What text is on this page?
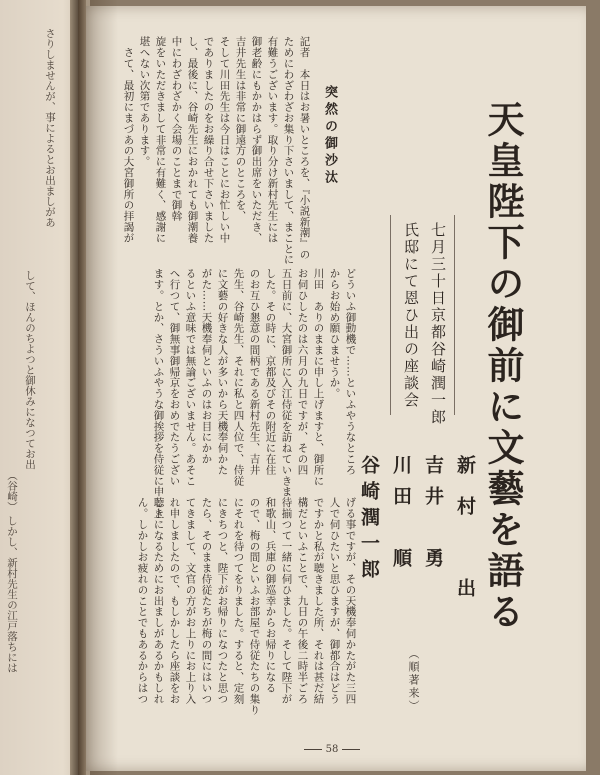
さりしませんが、事によるとお出ましがあ
して、ほんのちよつと御休みになつてお出
（谷崎） しかし、新村先生の江戸落ちには	天皇陛下の御前に文藝を語る
七月三十日京都谷崎潤一郎
氏邸にて恩ひ出の座談会
新村　出
吉井　勇
川田　順
谷崎潤一郎
（順著来）
突然の御沙汰
記者　本日はお暑いところを、『小説新潮』の
ためにわざわざお集り下さいまして、まことに
有難うございます。取り分け新村先生には
御老齢にもかかはらず御出席をいただき、
吉井先生は非常に御遠方のところを、
そして川田先生は今日はことにお忙しい中
でありましたのをお繰り合せ下さいました
し、最後に、谷崎先生におかれても御潮養
中にわざわざかく会場のことまで御斡
旋をいただきまして非常に有難く、感謝に
堪へない次第であります。
　さて、最初にまづあの大宮御所の拝謁が
どういふ御動機で……といふやうなところ
からお始め願ひませうか。
川田　ありのままに申し上げますと、御所に
お伺ひしたのは六月の九日ですが、その四
五日前に、大宮御所に入江侍従を訪ねていきま
した。その時に、京都及びその附近に在住
のお互ひ懇意の間柄である新村先生、吉井
先生、谷崎先生、それに私と四人位で、侍従
に文藝の好きな人が多いから天機奉伺かた
がた……天機奉伺といふのはお目にかか
るといふ意味では無論ございません。あそこ
へ行つて、御無事御帰京をおめでたうござい
ます。とか、さういふやうな御挨拶を侍従に申し上
げる事ですが、その天機奉伺かたがた三四
人で伺ひたいと思ひますが、御都合はどう
ですかと私が聴きました所、それは甚だ結
構だといふことで、九日の午後二時半ごろ
待揃つて一緒に伺ひました。そして陛下が
和歌山、兵庫の御巡幸からお帰りになる
ので、梅の間といふお部屋で侍従たちの集り
にそれを待つてをりました。すると、定刻
にきちつと、陛下がお帰りになつたと思つ
たら、そのまま侍従たちが梅の間にはいつ
てきまして、文官の方がお上りにお上り入
れ申しましたので、もしかしたら座談をお
聴きになるためにお出ましがあるかもしれ
ん。しかしお疲れのことでもあるからはつ
58
